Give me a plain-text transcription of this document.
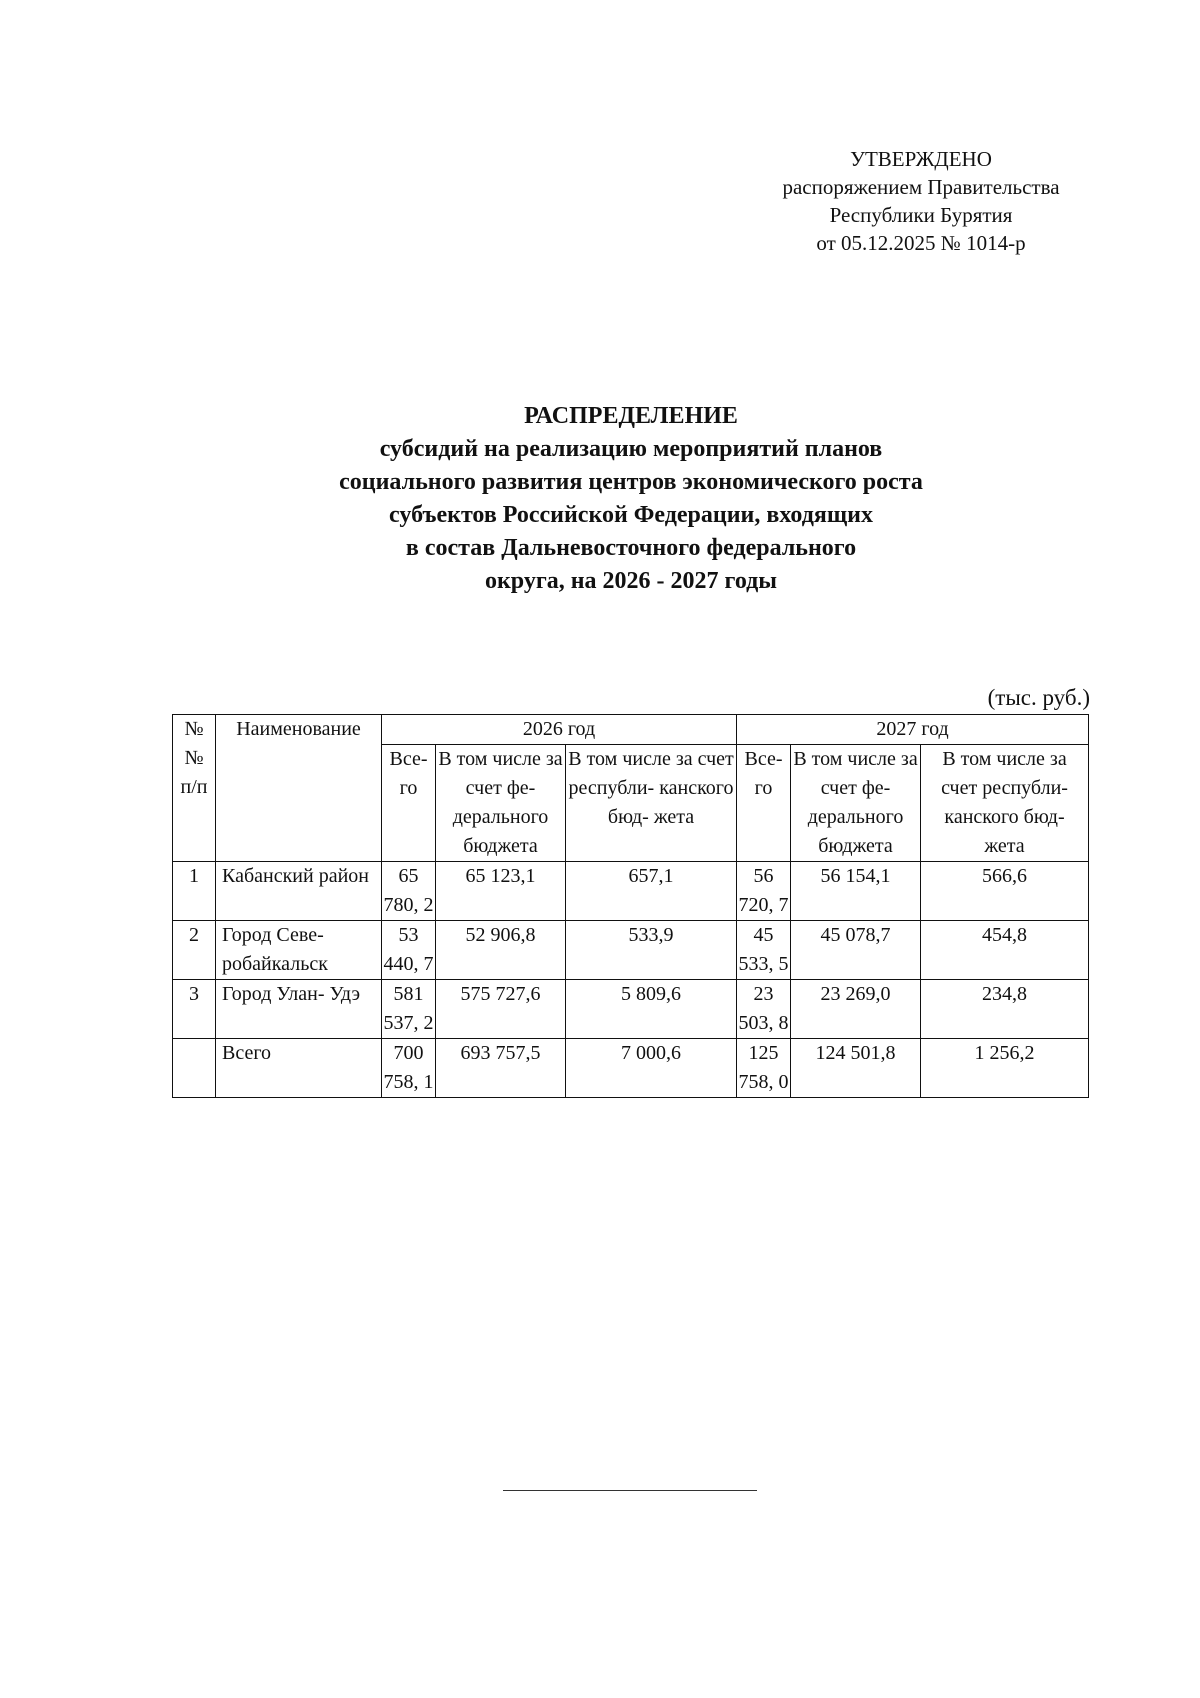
УТВЕРЖДЕНО
распоряжением Правительства
Республики Бурятия
от 05.12.2025 № 1014-р
РАСПРЕДЕЛЕНИЕ
субсидий на реализацию мероприятий планов
социального развития центров экономического роста
субъектов Российской Федерации, входящих
в состав Дальневосточного федерального
округа, на 2026 - 2027 годы
(тыс. руб.)
№ № п/п	Наименование	2026 год			2027 год		
		Все- го	В том числе за счет фе- дерального бюджета	В том числе за счет республи- канского бюд- жета	Все- го	В том числе за счет фе- дерального бюджета	В том числе за счет республи- канского бюд- жета
1	Кабанский район	65 780, 2	65 123,1	657,1	56 720, 7	56 154,1	566,6
2	Город Севе- робайкальск	53 440, 7	52 906,8	533,9	45 533, 5	45 078,7	454,8
3	Город Улан- Удэ	581 537, 2	575 727,6	5 809,6	23 503, 8	23 269,0	234,8
	Всего	700 758, 1	693 757,5	7 000,6	125 758, 0	124 501,8	1 256,2
